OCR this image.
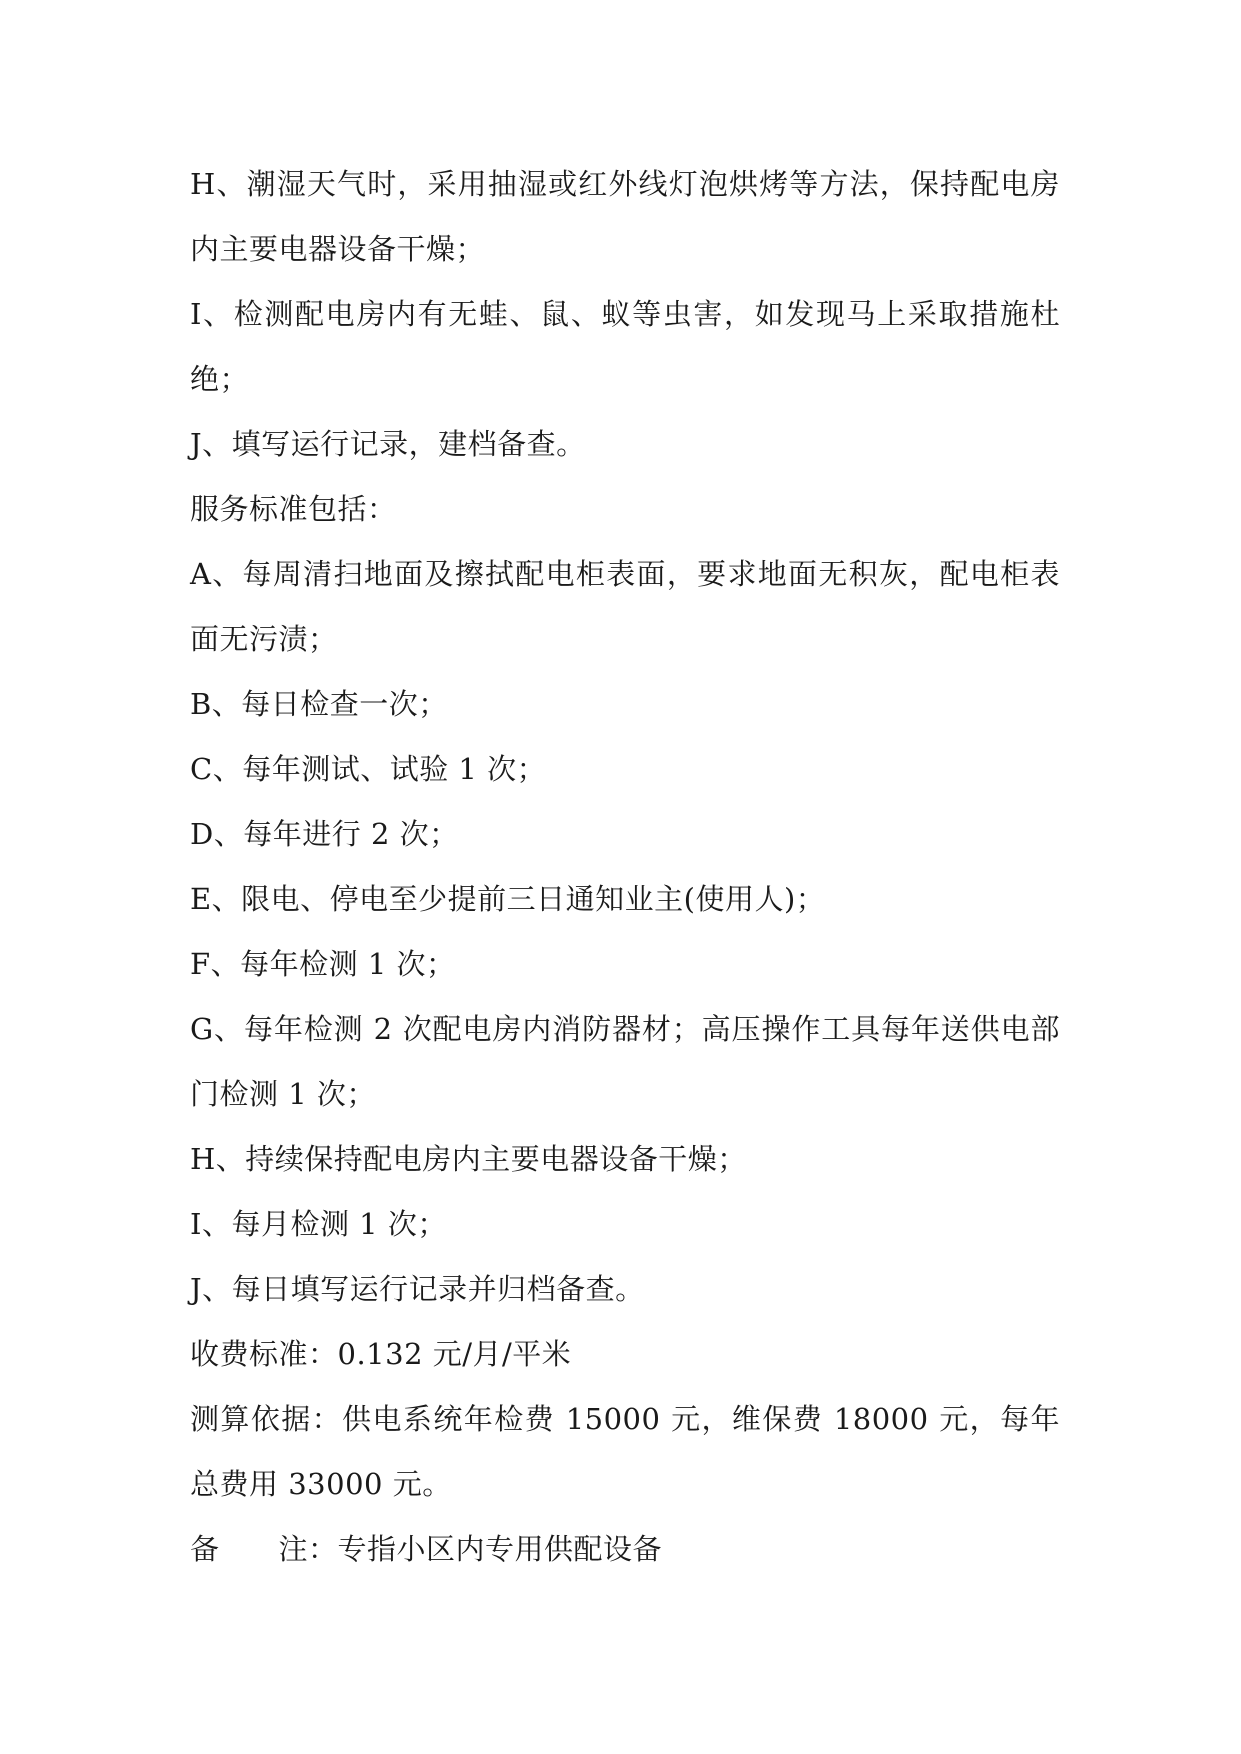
H、潮湿天气时，采用抽湿或红外线灯泡烘烤等方法，保持配电房内主要电器设备干燥；

I、检测配电房内有无蛙、鼠、蚁等虫害，如发现马上采取措施杜绝；

J、填写运行记录，建档备查。

服务标准包括：

A、每周清扫地面及擦拭配电柜表面，要求地面无积灰，配电柜表面无污渍；

B、每日检查一次；

C、每年测试、试验 1 次；

D、每年进行 2 次；

E、限电、停电至少提前三日通知业主(使用人)；

F、每年检测 1 次；

G、每年检测 2 次配电房内消防器材；高压操作工具每年送供电部门检测 1 次；

H、持续保持配电房内主要电器设备干燥；

I、每月检测 1 次；

J、每日填写运行记录并归档备查。

收费标准：0.132 元/月/平米

测算依据：供电系统年检费 15000 元，维保费 18000 元，每年总费用 33000 元。

备　　注：专指小区内专用供配设备
